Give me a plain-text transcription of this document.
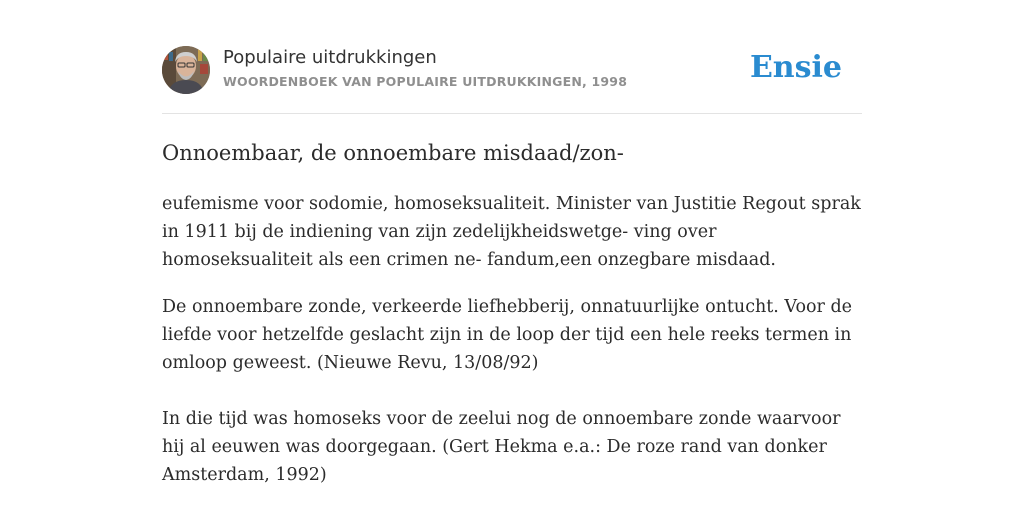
Populaire uitdrukkingen
WOORDENBOEK VAN POPULAIRE UITDRUKKINGEN, 1998	Ensie
Onnoembaar, de onnoembare misdaad/zon-

eufemisme voor sodomie, homoseksualiteit. Minister van Justitie Regout sprak in 1911 bij de indiening van zijn zedelijkheidswetge- ving over homoseksualiteit als een crimen ne- fandum,een onzegbare misdaad.

De onnoembare zonde, verkeerde liefhebberij, onnatuurlijke ontucht. Voor de liefde voor hetzelfde geslacht zijn in de loop der tijd een hele reeks termen in omloop geweest. (Nieuwe Revu, 13/08/92)

In die tijd was homoseks voor de zeelui nog de onnoembare zonde waarvoor hij al eeuwen was doorgegaan. (Gert Hekma e.a.: De roze rand van donker Amsterdam, 1992)
